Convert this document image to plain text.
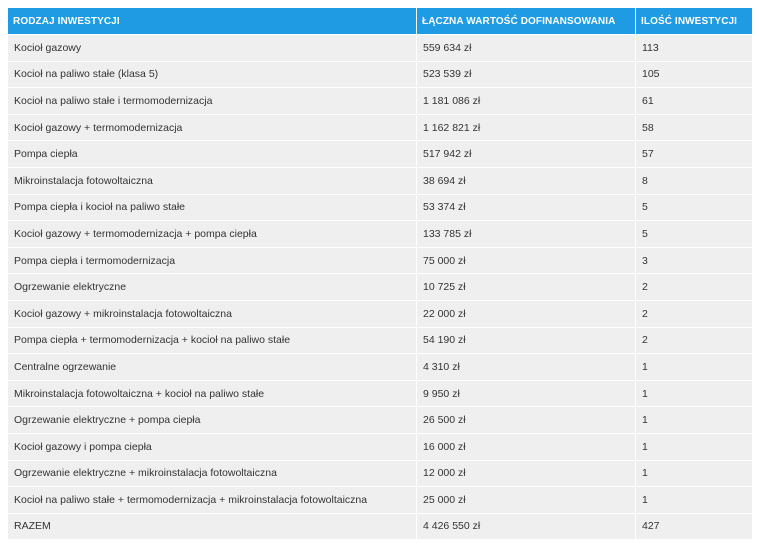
RODZAJ INWESTYCJI	ŁĄCZNA WARTOŚĆ DOFINANSOWANIA	ILOŚĆ INWESTYCJI
Kocioł gazowy	559 634 zł	113
Kocioł na paliwo stałe (klasa 5)	523 539 zł	105
Kocioł na paliwo stałe i termomodernizacja	1 181 086 zł	61
Kocioł gazowy + termomodernizacja	1 162 821 zł	58
Pompa ciepła	517 942 zł	57
Mikroinstalacja fotowoltaiczna	38 694 zł	8
Pompa ciepła i kocioł na paliwo stałe	53 374 zł	5
Kocioł gazowy + termomodernizacja + pompa ciepła	133 785 zł	5
Pompa ciepła i termomodernizacja	75 000 zł	3
Ogrzewanie elektryczne	10 725 zł	2
Kocioł gazowy + mikroinstalacja fotowoltaiczna	22 000 zł	2
Pompa ciepła + termomodernizacja + kocioł na paliwo stałe	54 190 zł	2
Centralne ogrzewanie	4 310 zł	1
Mikroinstalacja fotowoltaiczna + kocioł na paliwo stałe	9 950 zł	1
Ogrzewanie elektryczne + pompa ciepła	26 500 zł	1
Kocioł gazowy i pompa ciepła	16 000 zł	1
Ogrzewanie elektryczne + mikroinstalacja fotowoltaiczna	12 000 zł	1
Kocioł na paliwo stałe + termomodernizacja + mikroinstalacja fotowoltaiczna	25 000 zł	1
RAZEM	4 426 550 zł	427
